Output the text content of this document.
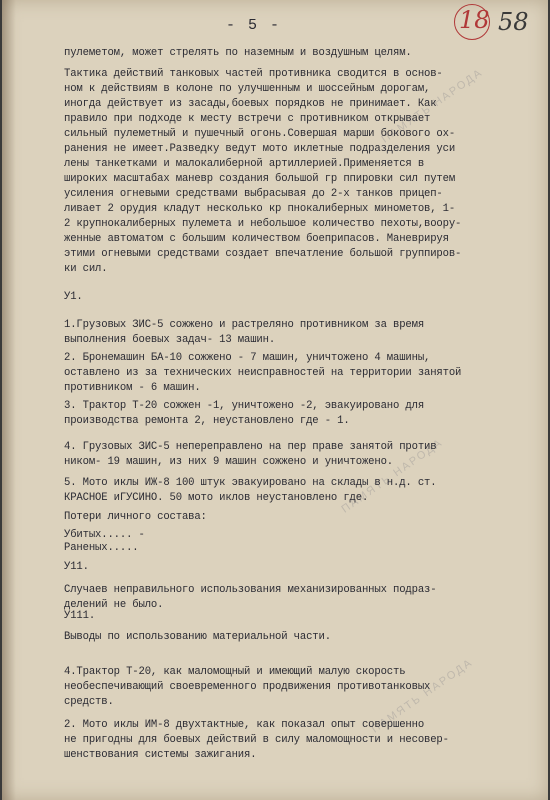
ПАМЯТЬ НАРОДА
ПАМЯТЬ НАРОДА
ПАМЯТЬ НАРОДА
- 5 -	18 58
пулеметом, может стрелять по наземным и воздушным целям.
Тактика действий танковых частей противника сводится в основ-
ном к действиям в колоне по улучшенным и шоссейным дорогам,
иногда действует из засады,боевых порядков не принимает. Как
правило при подходе к месту встречи с противником открывает
сильный пулеметный и пушечный огонь.Совершая марши бокового ох-
ранения не имеет.Разведку ведут мото иклетные подразделения уси
лены танкетками и малокалиберной артиллерией.Применяется в
широких масштабах маневр создания большой гр ппировки сил путем
усиления огневыми средствами выбрасывая до 2-х танков прицеп-
ливает 2 орудия кладут несколько кр пнокалиберных минометов, 1-
2 крупнокалиберных пулемета и небольшое количество пехоты,воору-
женные автоматом с большим количеством боеприпасов. Маневрируя
этими огневыми средствами создает впечатление большой группиров-
ки сил.
У1.
1.Грузовых ЗИС-5 сожжено и растреляно противником за время
выполнения боевых задач- 13 машин.
2. Бронемашин БА-10 сожжено - 7 машин, уничтожено 4 машины,
оставлено из за технических неисправностей на территории занятой
противником - 6 машин.
3. Трактор Т-20 сожжен -1, уничтожено -2, эвакуировано для
производства ремонта 2, неустановлено где - 1.
4. Грузовых ЗИС-5 непереправлено на пер праве занятой против
ником- 19 машин, из них 9 машин сожжено и уничтожено.
5. Мото иклы ИЖ-8 100 штук эвакуировано на склады в н.д. ст.
КРАСНОЕ иГУСИНО. 50 мото иклов неустановлено где.
Потери личного состава:
Убитых..... -
Раненых.....
У11.
Случаев неправильного использования механизированных подраз-
делений не было.
У111.
Выводы по использованию материальной части.
4.Трактор Т-20, как маломощный и имеющий малую скорость
необеспечивающий своевременного продвижения противотанковых
средств.
2. Мото иклы ИМ-8 двухтактные, как показал опыт совершенно
не пригодны для боевых действий в силу маломощности и несовер-
шенствования системы зажигания.
